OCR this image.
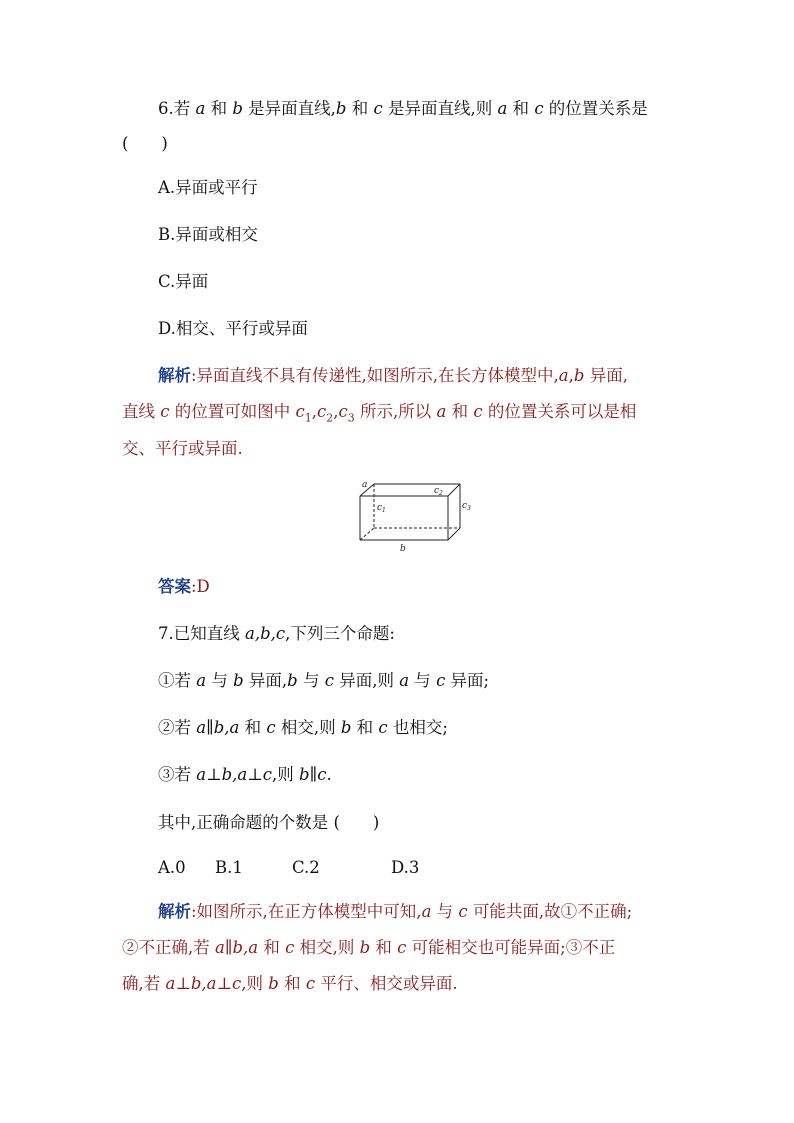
6.若 a 和 b 是异面直线,b 和 c 是异面直线,则 a 和 c 的位置关系是
(　　)
A.异面或平行
B.异面或相交
C.异面
D.相交、平行或异面
解析:异面直线不具有传递性,如图所示,在长方体模型中,a,b 异面,
直线 c 的位置可如图中 $c_1,c_2,c_3$ 所示,所以 a 和 c 的位置关系可以是相
交、平行或异面.
a
$c_2$
$c_1$	$c_3$
b
答案:D
7.已知直线 a,b,c,下列三个命题:
①若 a 与 b 异面,b 与 c 异面,则 a 与 c 异面;
②若 a∥b,a 和 c 相交,则 b 和 c 也相交;
③若 a⊥b,a⊥c,则 b∥c.
其中,正确命题的个数是 (　　)
A.0 B.1	C.2	D.3
解析:如图所示,在正方体模型中可知,a 与 c 可能共面,故①不正确;
②不正确,若 a∥b,a 和 c 相交,则 b 和 c 可能相交也可能异面;③不正
确,若 a⊥b,a⊥c,则 b 和 c 平行、相交或异面.
